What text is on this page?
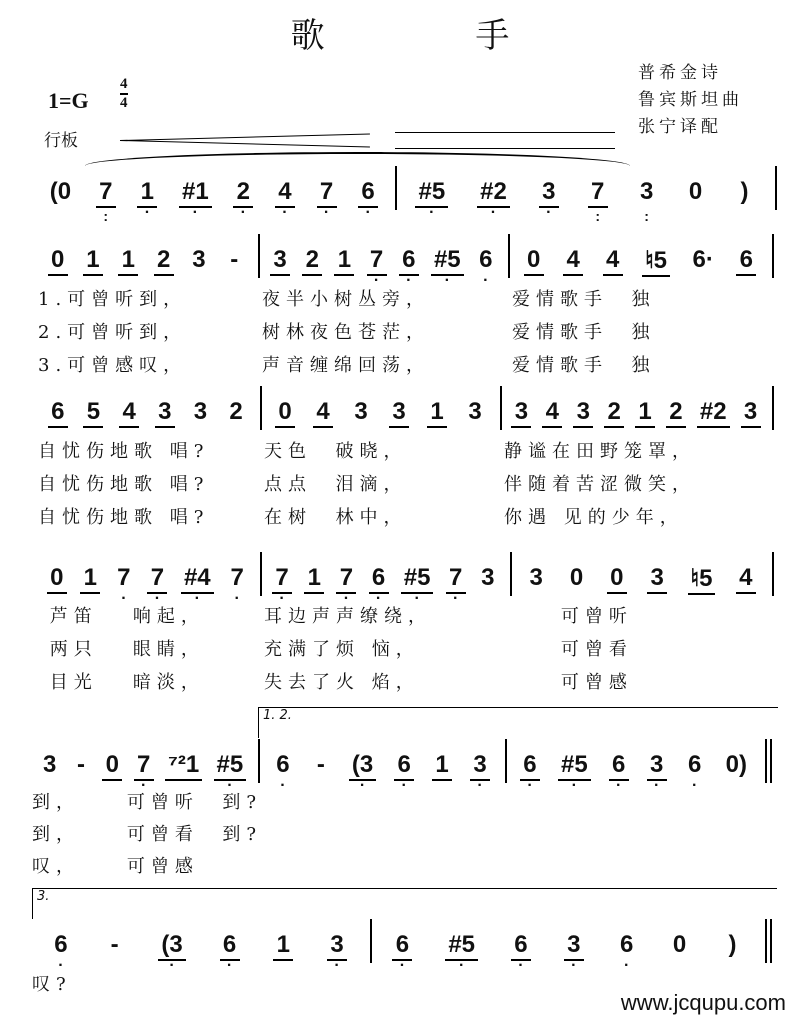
歌 手
1=G
4
4
行板
普希金诗
鲁宾斯坦曲
张宁译配
1. 2.
3.
(0 : 7 · 1 · #1 · 2 · 4 · 7 · 6 · #5 · #2 · 3 : 7 : 3 0 )
0 1 1 2 3 - 3 2 1 · 7 · 6 · #5 · 6 0 4 4 ♮5 6· 6
1.可曾听到，	夜半小树丛旁，	爱情歌手  独
2.可曾听到，	树林夜色苍茫，	爱情歌手  独
3.可曾感叹，	声音缠绵回荡，	爱情歌手  独
6 5 4 3 3 2 0 4 3 3 1 3 3 4 3 2 1 2 #2 3
自忧伤地歌 唱?	天色  破晓，	静谧在田野笼罩，
自忧伤地歌 唱?	点点  泪滴，	伴随着苦涩微笑，
自忧伤地歌 唱?	在树  林中，	你遇 见的少年，
0 1 · 7 · 7 · #4 · 7 · 7 1 · 7 · 6 · #5 · 7 3 3 0 0 3 ♮5 4
芦笛   响起，	耳边声声缭绕，	可曾听
两只   眼睛，	充满了烦 恼，	可曾看
目光   暗淡，	失去了火 焰，	可曾感
3 - 0 · 7 ⁷²1 · #5 · 6 - · (3 · 6 1 · 3 · 6 · #5 · 6 · 3 · 6 0)
到，    可曾听  到?
到，    可曾看  到?
叹，    可曾感
· 6 - · (3 · 6 1 · 3 · 6 · #5 · 6 · 3 · 6 0 )
叹?
www.jcqupu.com
